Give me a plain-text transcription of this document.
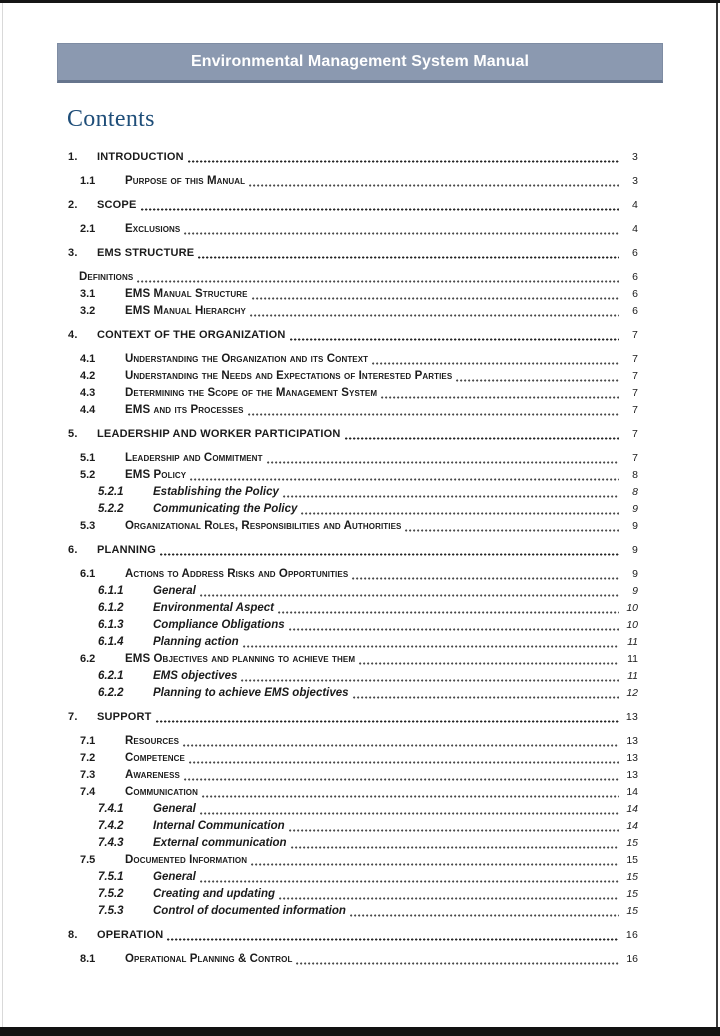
Environmental Management System Manual
Contents
1.	INTRODUCTION	3
1.1	Purpose of this Manual	3
2.	SCOPE	4
2.1	Exclusions	4
3.	EMS STRUCTURE	6
Definitions	6
3.1	EMS Manual Structure	6
3.2	EMS Manual Hierarchy	6
4.	CONTEXT OF THE ORGANIZATION	7
4.1	Understanding the Organization and its Context	7
4.2	Understanding the Needs and Expectations of Interested Parties	7
4.3	Determining the Scope of the Management System	7
4.4	EMS and its Processes	7
5.	LEADERSHIP AND WORKER PARTICIPATION	7
5.1	Leadership and Commitment	7
5.2	EMS Policy	8
5.2.1	Establishing the Policy	8
5.2.2	Communicating the Policy	9
5.3	Organizational Roles, Responsibilities and Authorities	9
6.	PLANNING	9
6.1	Actions to Address Risks and Opportunities	9
6.1.1	General	9
6.1.2	Environmental Aspect	10
6.1.3	Compliance Obligations	10
6.1.4	Planning action	11
6.2	EMS Objectives and planning to achieve them	11
6.2.1	EMS objectives	11
6.2.2	Planning to achieve EMS objectives	12
7.	SUPPORT	13
7.1	Resources	13
7.2	Competence	13
7.3	Awareness	13
7.4	Communication	14
7.4.1	General	14
7.4.2	Internal Communication	14
7.4.3	External communication	15
7.5	Documented Information	15
7.5.1	General	15
7.5.2	Creating and updating	15
7.5.3	Control of documented information	15
8.	OPERATION	16
8.1	Operational Planning & Control	16
